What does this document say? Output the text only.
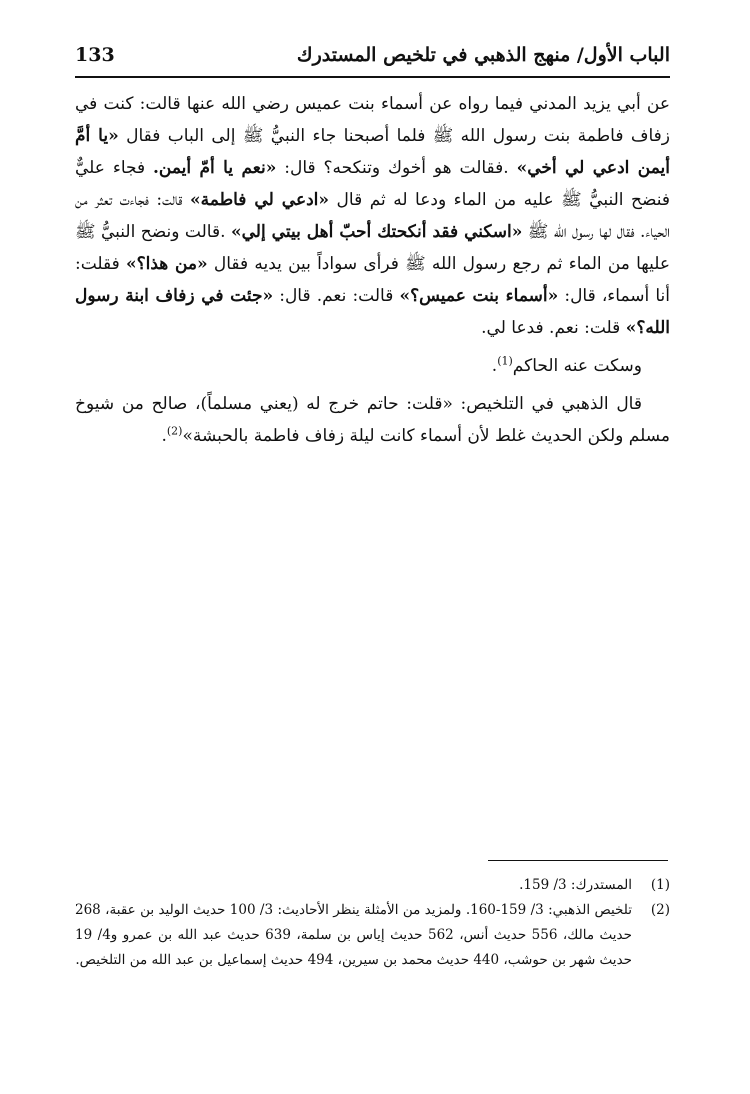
الباب الأول/ منهج الذهبي في تلخيص المستدرك
133

عن أبي يزيد المدني فيما رواه عن أسماء بنت عميس رضي الله عنها قالت: كنت في زفاف فاطمة بنت رسول الله ﷺ فلما أصبحنا جاء النبيُّ ﷺ إلى الباب فقال «يا أمَّ أيمن ادعي لي أخي» .فقالت هو أخوك وتنكحه؟ قال: «نعم يا أمّ أيمن. فجاء عليٌّ فنضح النبيُّ ﷺ عليه من الماء ودعا له ثم قال «ادعي لي فاطمة» قالت: فجاءت تعثر من الحياء. فقال لها رسول الله ﷺ «اسكني فقد أنكحتك أحبّ أهل بيتي إلي» .قالت ونضح النبيُّ ﷺ عليها من الماء ثم رجع رسول الله ﷺ فرأى سواداً بين يديه فقال «من هذا؟» فقلت: أنا أسماء، قال: «أسماء بنت عميس؟» قالت: نعم. قال: «جئت في زفاف ابنة رسول الله؟» قلت: نعم. فدعا لي.

وسكت عنه الحاكم$^{(1)}$.

قال الذهبي في التلخيص: «قلت: حاتم خرج له (يعني مسلماً)، صالح من شيوخ مسلم ولكن الحديث غلط لأن أسماء كانت ليلة زفاف فاطمة بالحبشة»$^{(2)}$.

(1)
المستدرك: 3/ 159.
(2)
تلخيص الذهبي: 3/ 159-160. ولمزيد من الأمثلة ينظر الأحاديث: 3/ 100 حديث الوليد بن عقبة، 268 حديث مالك، 556 حديث أنس، 562 حديث إياس بن سلمة، 639 حديث عبد الله بن عمرو و4/ 19 حديث شهر بن حوشب، 440 حديث محمد بن سيرين، 494 حديث إسماعيل بن عبد الله من التلخيص.
